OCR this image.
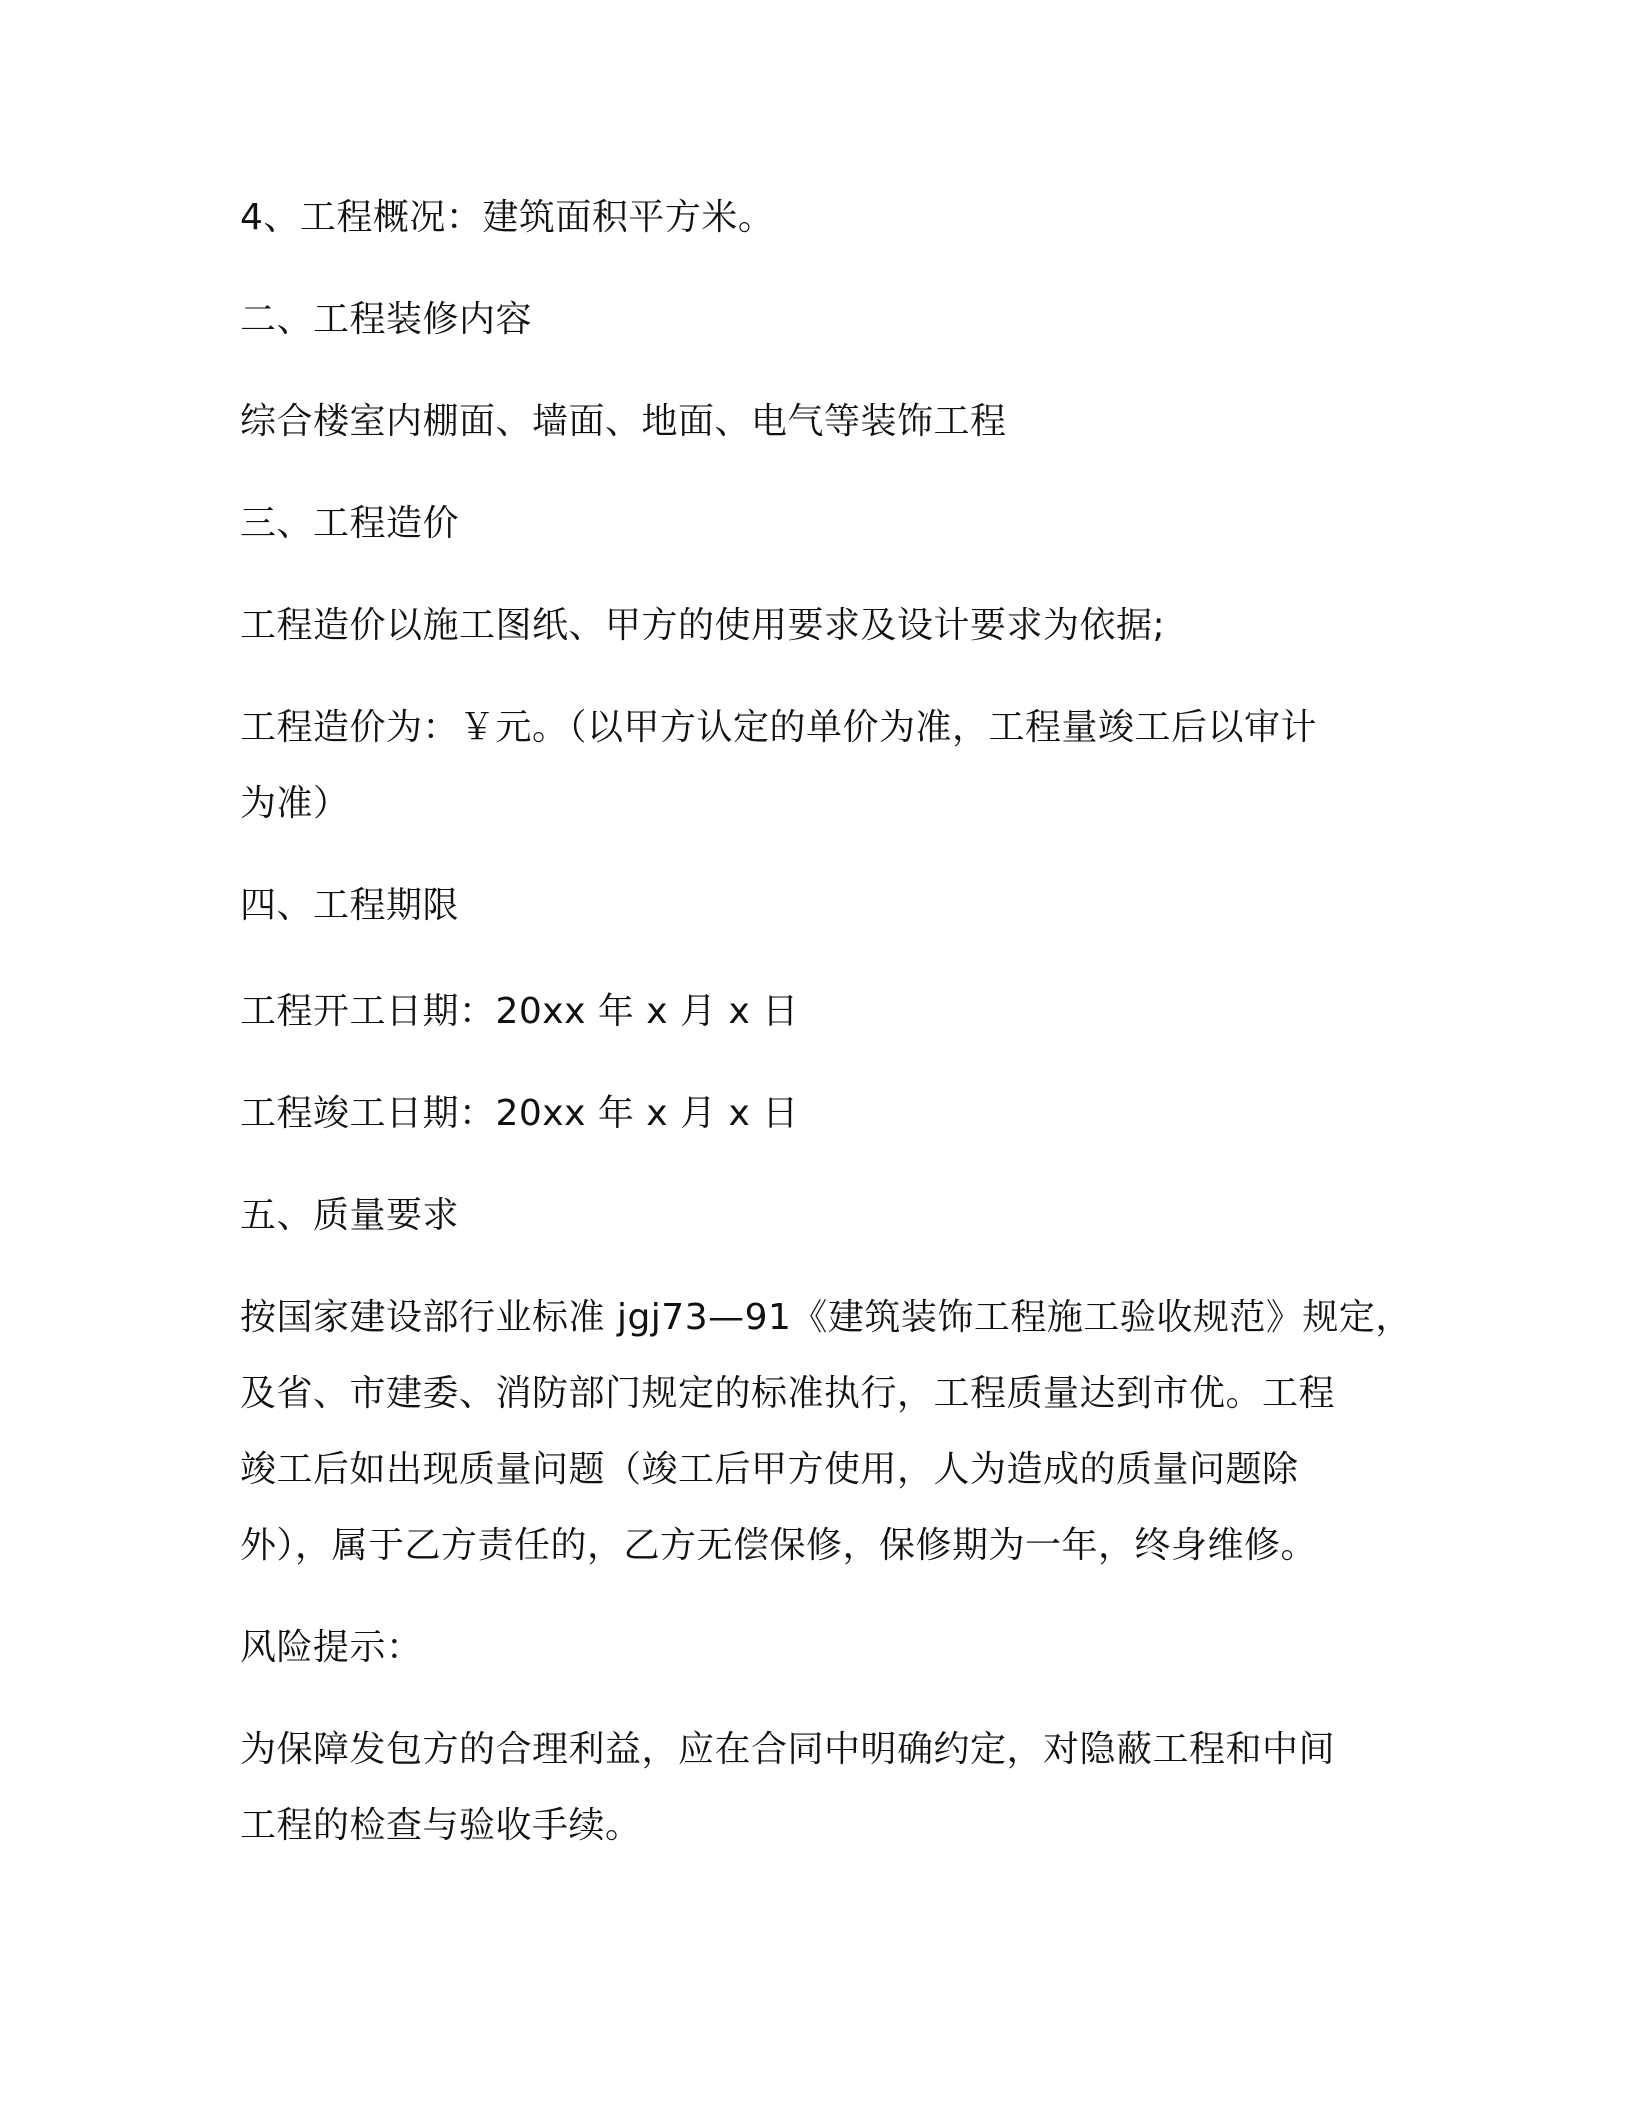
4、工程概况：建筑面积平方米。

二、工程装修内容

综合楼室内棚面、墙面、地面、电气等装饰工程

三、工程造价

工程造价以施工图纸、甲方的使用要求及设计要求为依据;

工程造价为：￥元。（以甲方认定的单价为准，工程量竣工后以审计

为准）

四、工程期限

工程开工日期：20xx 年 x 月 x 日

工程竣工日期：20xx 年 x 月 x 日

五、质量要求

按国家建设部行业标准 jgj73—91《建筑装饰工程施工验收规范》规定，

及省、市建委、消防部门规定的标准执行，工程质量达到市优。工程

竣工后如出现质量问题（竣工后甲方使用，人为造成的质量问题除

外），属于乙方责任的，乙方无偿保修，保修期为一年，终身维修。

风险提示：

为保障发包方的合理利益，应在合同中明确约定，对隐蔽工程和中间

工程的检查与验收手续。
